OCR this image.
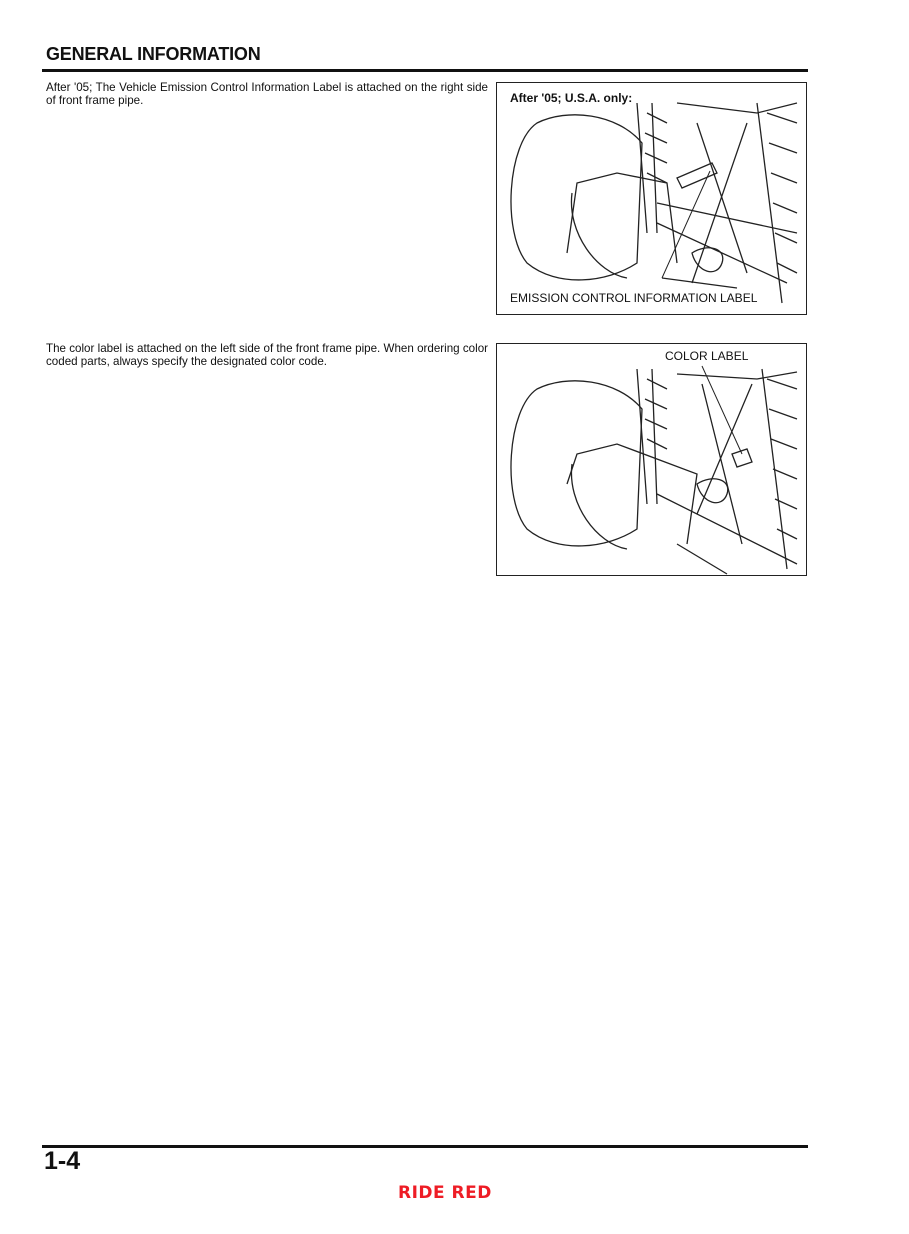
GENERAL INFORMATION
After '05; The Vehicle Emission Control Information Label is attached on the right side of front frame pipe.	After '05; U.S.A. only:
EMISSION CONTROL INFORMATION LABEL
The color label is attached on the left side of the front frame pipe. When ordering color coded parts, always specify the designated color code.	COLOR LABEL
1-4
RIDE RED
